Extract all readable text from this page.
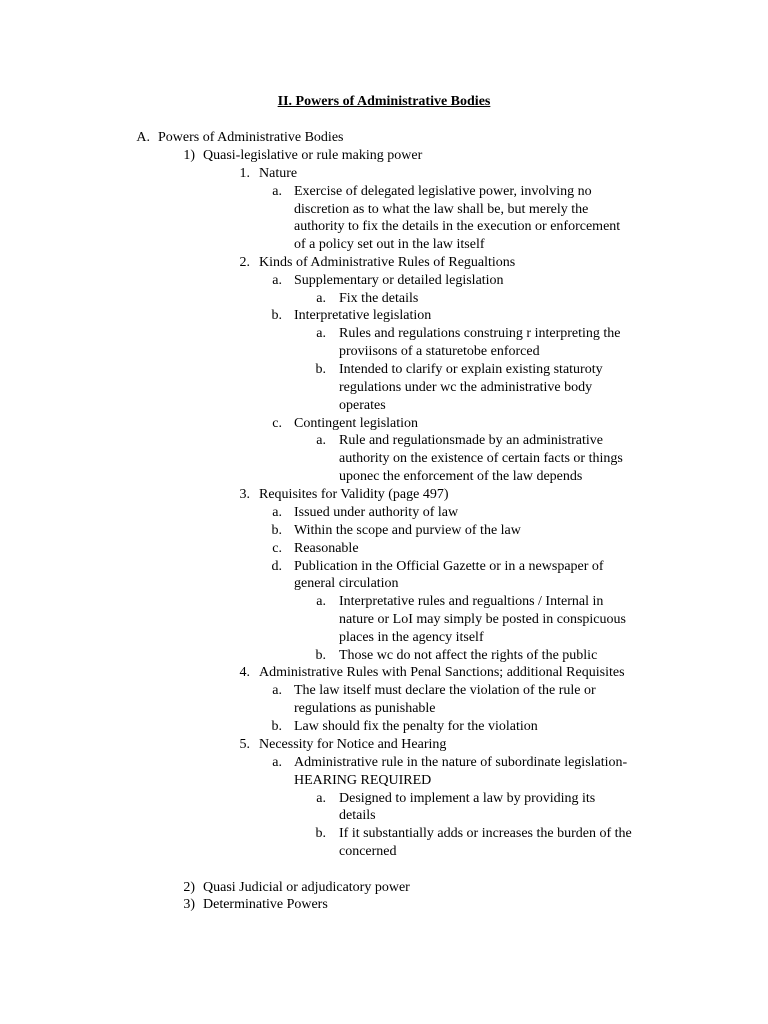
II. Powers of Administrative Bodies
A. Powers of Administrative Bodies
1) Quasi-legislative or rule making power
1. Nature
a. Exercise of delegated legislative power, involving no
discretion as to what the law shall be, but merely the
authority to fix the details in the execution or enforcement
of a policy set out in the law itself
2. Kinds of Administrative Rules of Regualtions
a. Supplementary or detailed legislation
a. Fix the details
b. Interpretative legislation
a. Rules and regulations construing r interpreting the
proviisons of a staturetobe enforced
b. Intended to clarify or explain existing staturoty
regulations under wc the administrative body
operates
c. Contingent legislation
a. Rule and regulationsmade by an administrative
authority on the existence of certain facts or things
uponec the enforcement of the law depends
3. Requisites for Validity (page 497)
a. Issued under authority of law
b. Within the scope and purview of the law
c. Reasonable
d. Publication in the Official Gazette or in a newspaper of
general circulation
a. Interpretative rules and regualtions / Internal in
nature or LoI may simply be posted in conspicuous
places in the agency itself
b. Those wc do not affect the rights of the public
4. Administrative Rules with Penal Sanctions; additional Requisites
a. The law itself must declare the violation of the rule or
regulations as punishable
b. Law should fix the penalty for the violation
5. Necessity for Notice and Hearing
a. Administrative rule in the nature of subordinate legislation-
HEARING REQUIRED
a. Designed to implement a law by providing its
details
b. If it substantially adds or increases the burden of the
concerned
2) Quasi Judicial or adjudicatory power
3) Determinative Powers
